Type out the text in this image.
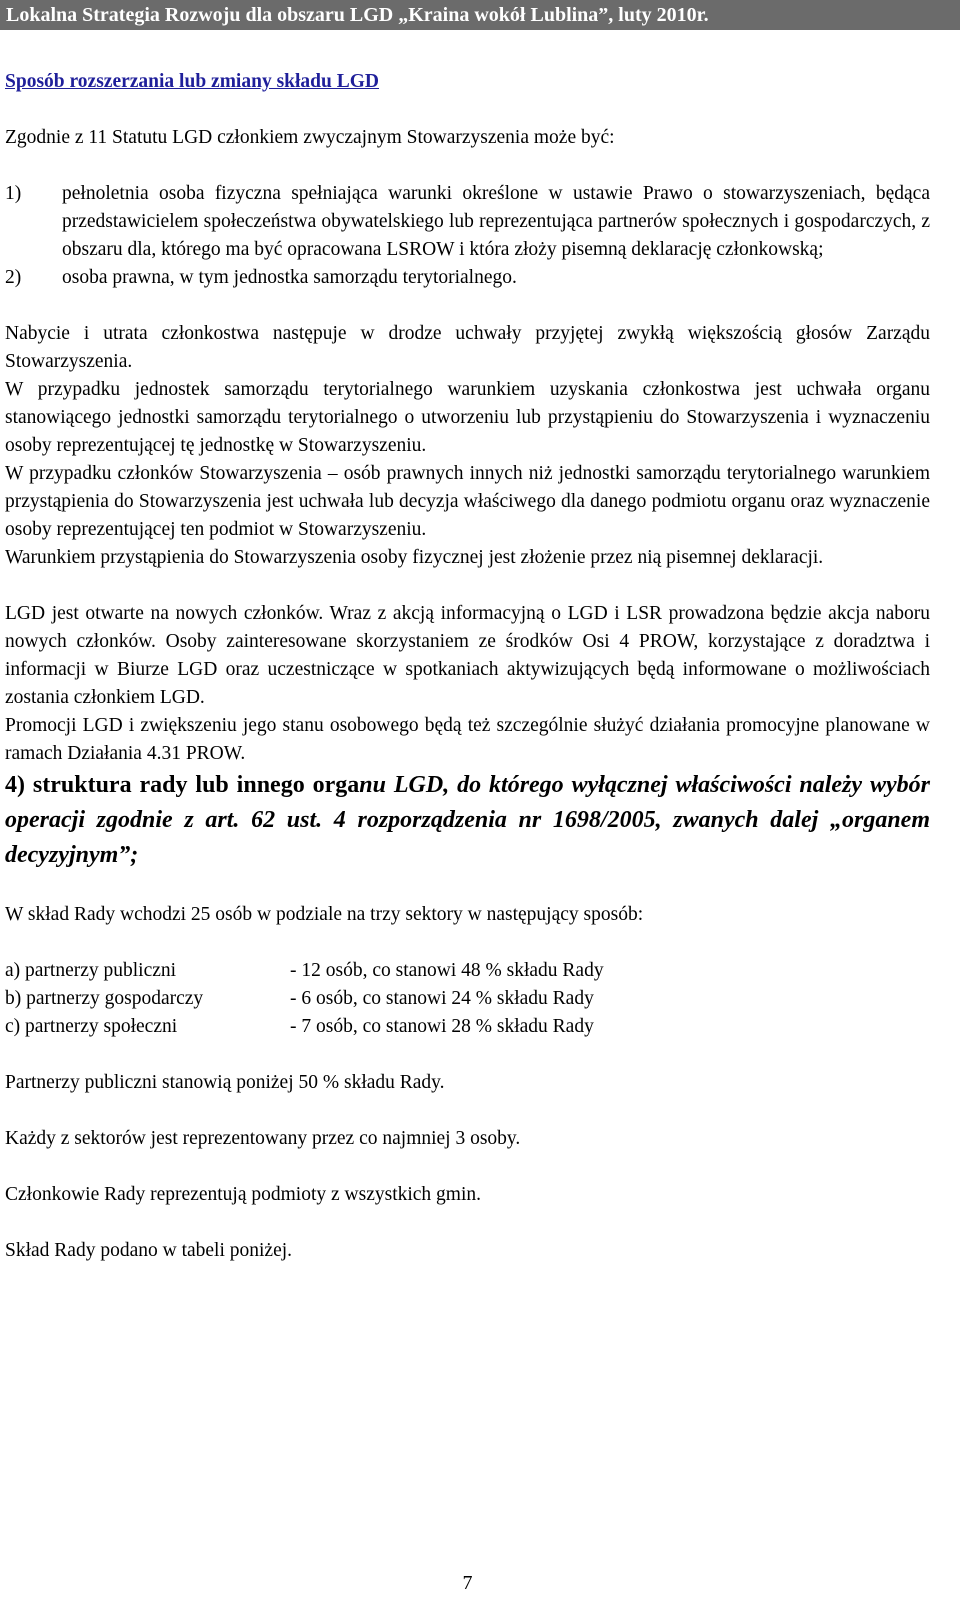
Lokalna Strategia Rozwoju dla obszaru LGD „Kraina wokół Lublina”, luty 2010r.

Sposób rozszerzania lub zmiany składu LGD

Zgodnie z 11 Statutu LGD członkiem zwyczajnym Stowarzyszenia może być:

1)	pełnoletnia osoba fizyczna spełniająca warunki określone w ustawie Prawo o stowarzyszeniach, będąca przedstawicielem społeczeństwa obywatelskiego lub reprezentująca partnerów społecznych i gospodarczych, z obszaru dla, którego ma być opracowana LSROW i która złoży pisemną deklarację członkowską;
2)	osoba prawna, w tym jednostka samorządu terytorialnego.

Nabycie i utrata członkostwa następuje w drodze uchwały przyjętej zwykłą większością głosów Zarządu Stowarzyszenia.

W przypadku jednostek samorządu terytorialnego warunkiem uzyskania członkostwa jest uchwała organu stanowiącego jednostki samorządu terytorialnego o utworzeniu lub przystąpieniu do Stowarzyszenia i wyznaczeniu osoby reprezentującej tę jednostkę w Stowarzyszeniu.

W przypadku członków Stowarzyszenia – osób prawnych innych niż jednostki samorządu terytorialnego warunkiem przystąpienia do Stowarzyszenia jest uchwała lub decyzja właściwego dla danego podmiotu organu oraz wyznaczenie osoby reprezentującej ten podmiot w Stowarzyszeniu.

Warunkiem przystąpienia do Stowarzyszenia osoby fizycznej jest złożenie przez nią pisemnej deklaracji.

LGD jest otwarte na nowych członków. Wraz z akcją informacyjną o LGD i LSR prowadzona będzie akcja naboru nowych członków. Osoby zainteresowane skorzystaniem ze środków Osi 4 PROW, korzystające z doradztwa i informacji w Biurze LGD oraz uczestniczące w spotkaniach aktywizujących będą informowane o możliwościach zostania członkiem LGD.

Promocji LGD i zwiększeniu jego stanu osobowego będą też szczególnie służyć działania promocyjne planowane w ramach Działania 4.31 PROW.

4) struktura rady lub innego organu LGD, do którego wyłącznej właściwości należy wybór operacji zgodnie z art. 62 ust. 4 rozporządzenia nr 1698/2005, zwanych dalej „organem decyzyjnym”;

W skład Rady wchodzi 25 osób w podziale na trzy sektory w następujący sposób:

a) partnerzy publiczni	- 12 osób, co stanowi 48 % składu Rady
b) partnerzy gospodarczy	- 6 osób, co stanowi 24 % składu Rady
c) partnerzy społeczni	- 7 osób, co stanowi 28 % składu Rady

Partnerzy publiczni stanowią poniżej 50 % składu Rady.

Każdy z sektorów jest reprezentowany przez co najmniej 3 osoby.

Członkowie Rady reprezentują podmioty z wszystkich gmin.

Skład Rady podano w tabeli poniżej.

7
